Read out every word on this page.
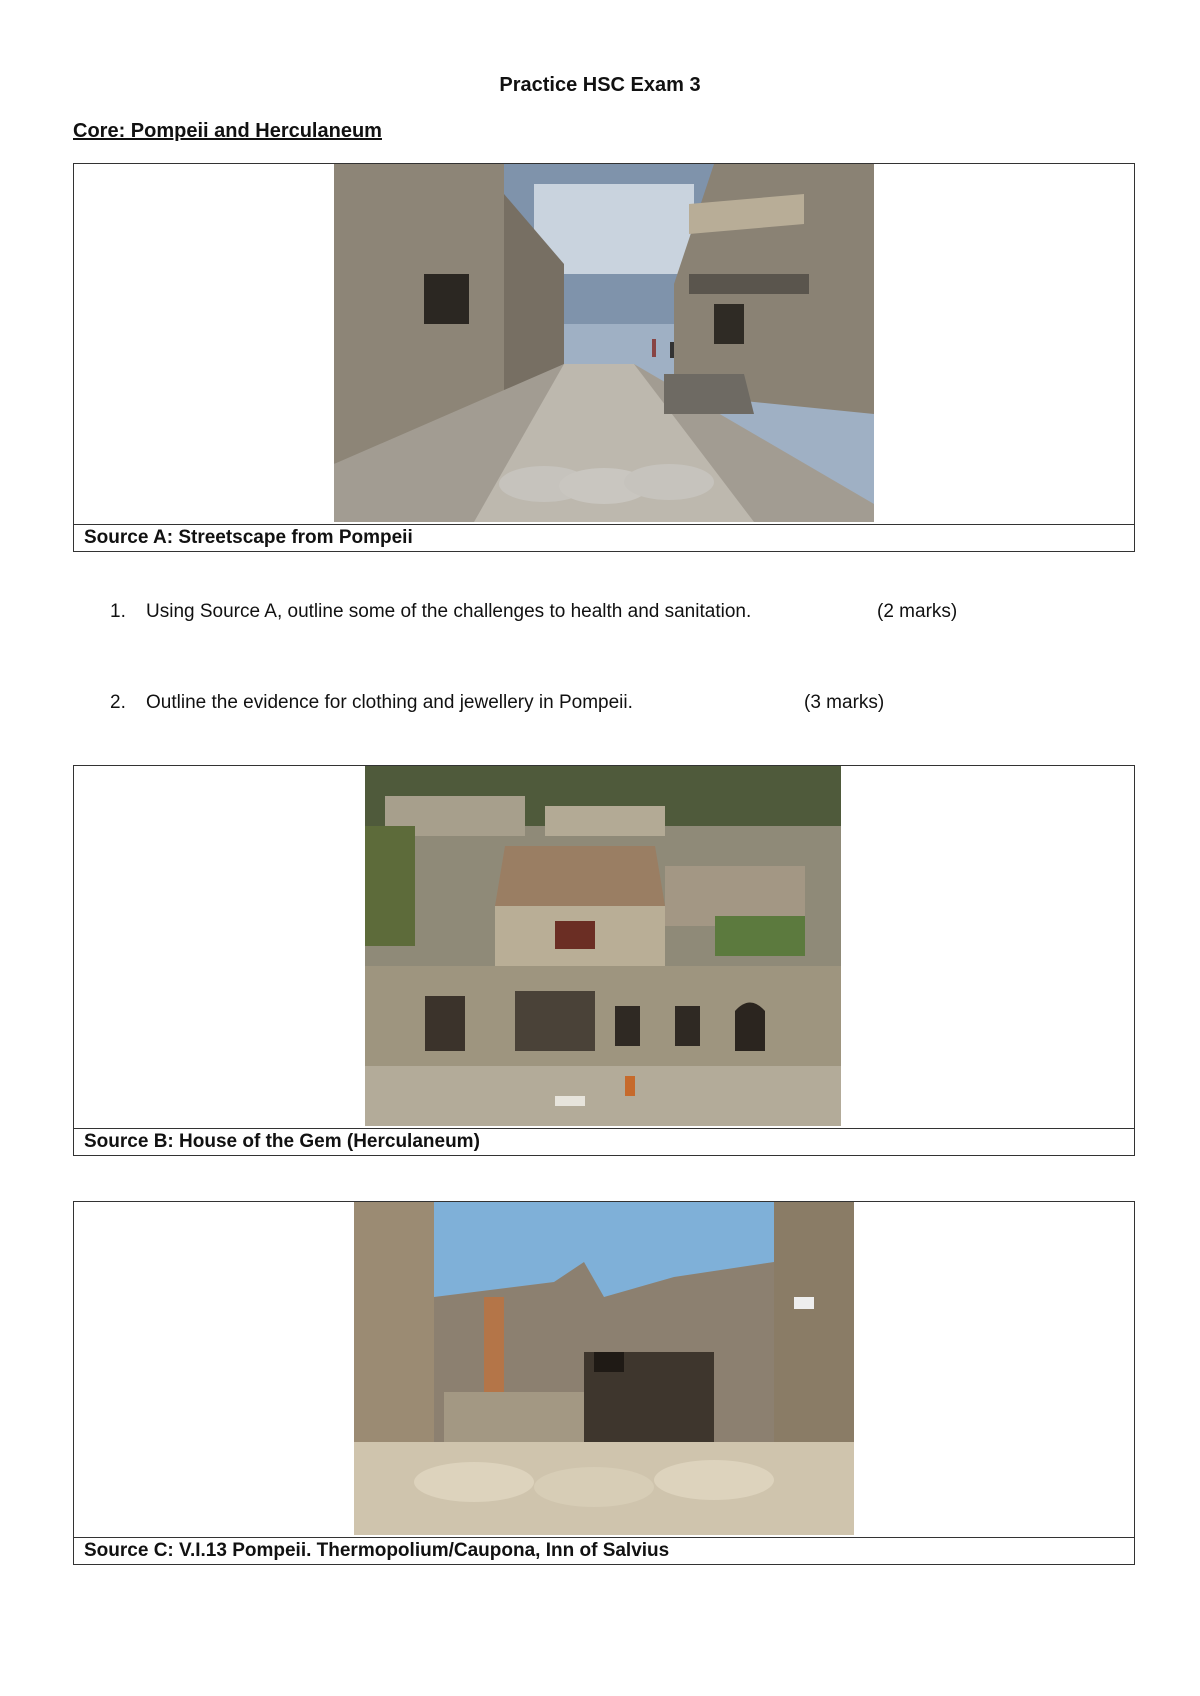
Practice HSC Exam 3
Core: Pompeii and Herculaneum
Source A: Streetscape from Pompeii
1. Using Source A, outline some of the challenges to health and sanitation.	(2 marks)
2. Outline the evidence for clothing and jewellery in Pompeii.	(3 marks)
Source B: House of the Gem (Herculaneum)
Source C: V.I.13 Pompeii. Thermopolium/Caupona, Inn of Salvius
